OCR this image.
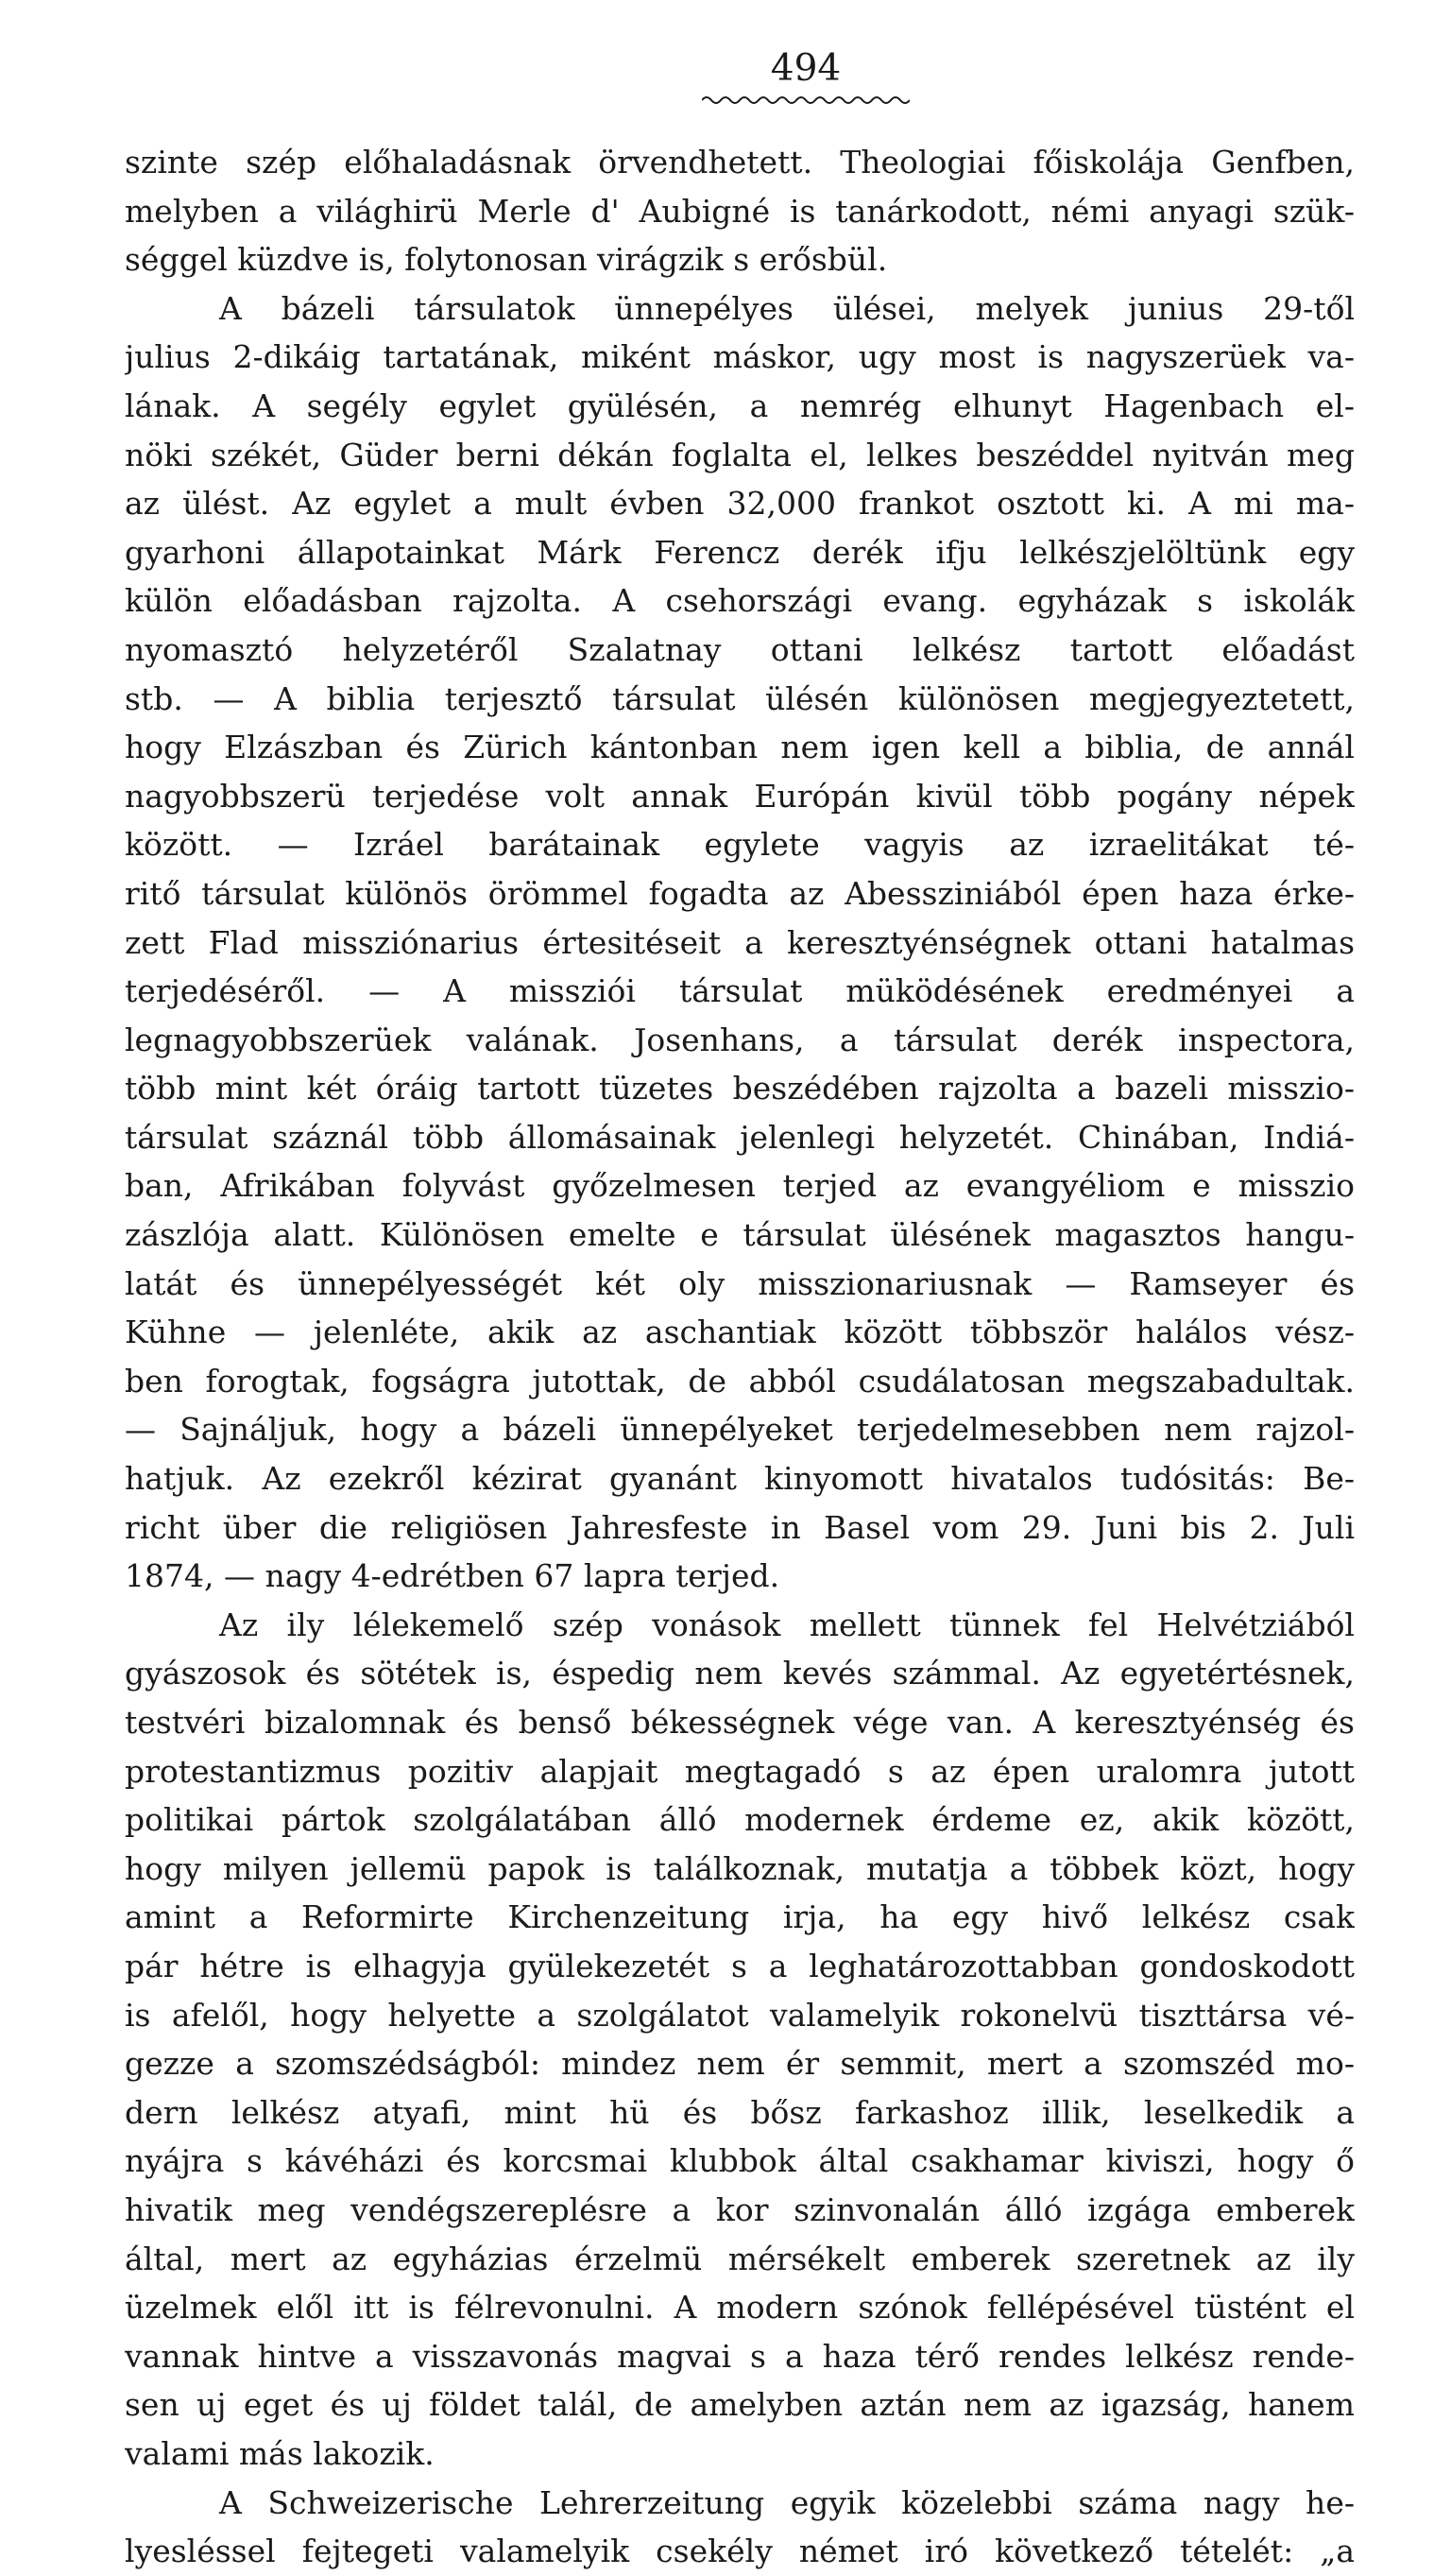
494
szinte szép előhaladásnak örvendhetett. Theologiai főiskolája Genfben,
melyben a világhirü Merle d' Aubigné is tanárkodott, némi anyagi szük-
séggel küzdve is, folytonosan virágzik s erősbül.
A bázeli társulatok ünnepélyes ülései, melyek junius 29-től
julius 2-dikáig tartatának, miként máskor, ugy most is nagyszerüek va-
lának. A segély egylet gyülésén, a nemrég elhunyt Hagenbach el-
nöki székét, Güder berni dékán foglalta el, lelkes beszéddel nyitván meg
az ülést. Az egylet a mult évben 32,000 frankot osztott ki. A mi ma-
gyarhoni állapotainkat Márk Ferencz derék ifju lelkészjelöltünk egy
külön előadásban rajzolta. A csehországi evang. egyházak s iskolák
nyomasztó helyzetéről Szalatnay ottani lelkész tartott előadást
stb. — A biblia terjesztő társulat ülésén különösen megjegyeztetett,
hogy Elzászban és Zürich kántonban nem igen kell a biblia, de annál
nagyobbszerü terjedése volt annak Európán kivül több pogány népek
között. — Izráel barátainak egylete vagyis az izraelitákat té-
ritő társulat különös örömmel fogadta az Abessziniából épen haza érke-
zett Flad missziónarius értesitéseit a keresztyénségnek ottani hatalmas
terjedéséről. — A missziói társulat müködésének eredményei a
legnagyobbszerüek valának. Josenhans, a társulat derék inspectora,
több mint két óráig tartott tüzetes beszédében rajzolta a bazeli misszio-
társulat száznál több állomásainak jelenlegi helyzetét. Chinában, Indiá-
ban, Afrikában folyvást győzelmesen terjed az evangyéliom e misszio
zászlója alatt. Különösen emelte e társulat ülésének magasztos hangu-
latát és ünnepélyességét két oly misszionariusnak — Ramseyer és
Kühne — jelenléte, akik az aschantiak között többször halálos vész-
ben forogtak, fogságra jutottak, de abból csudálatosan megszabadultak.
— Sajnáljuk, hogy a bázeli ünnepélyeket terjedelmesebben nem rajzol-
hatjuk. Az ezekről kézirat gyanánt kinyomott hivatalos tudósitás: Be-
richt über die religiösen Jahresfeste in Basel vom 29. Juni bis 2. Juli
1874, — nagy 4-edrétben 67 lapra terjed.
Az ily lélekemelő szép vonások mellett tünnek fel Helvétziából
gyászosok és sötétek is, éspedig nem kevés számmal. Az egyetértésnek,
testvéri bizalomnak és benső békességnek vége van. A keresztyénség és
protestantizmus pozitiv alapjait megtagadó s az épen uralomra jutott
politikai pártok szolgálatában álló modernek érdeme ez, akik között,
hogy milyen jellemü papok is találkoznak, mutatja a többek közt, hogy
amint a Reformirte Kirchenzeitung irja, ha egy hivő lelkész csak
pár hétre is elhagyja gyülekezetét s a leghatározottabban gondoskodott
is afelől, hogy helyette a szolgálatot valamelyik rokonelvü tiszttársa vé-
gezze a szomszédságból: mindez nem ér semmit, mert a szomszéd mo-
dern lelkész atyafi, mint hü és bősz farkashoz illik, leselkedik a
nyájra s kávéházi és korcsmai klubbok által csakhamar kiviszi, hogy ő
hivatik meg vendégszereplésre a kor szinvonalán álló izgága emberek
által, mert az egyházias érzelmü mérsékelt emberek szeretnek az ily
üzelmek elől itt is félrevonulni. A modern szónok fellépésével tüstént el
vannak hintve a visszavonás magvai s a haza térő rendes lelkész rende-
sen uj eget és uj földet talál, de amelyben aztán nem az igazság, hanem
valami más lakozik.
A Schweizerische Lehrerzeitung egyik közelebbi száma nagy he-
lyesléssel fejtegeti valamelyik csekély német iró következő tételét: „a
